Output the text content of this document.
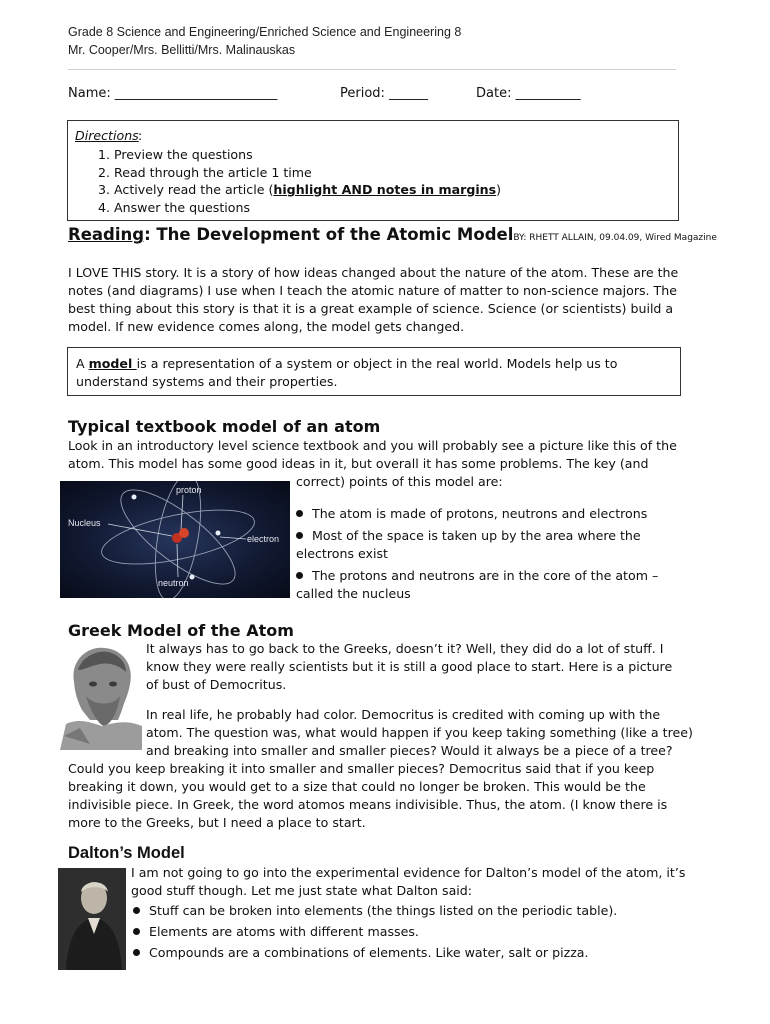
Grade 8 Science and Engineering/Enriched Science and Engineering 8
Mr. Cooper/Mrs. Bellitti/Mrs. Malinauskas
Name: _________________________	Period: ______	Date: __________
Directions :
1. Preview the questions
2. Read through the article 1 time
3. Actively read the article (highlight AND notes in margins)
4. Answer the questions
Reading: The Development of the Atomic ModelBY: RHETT ALLAIN, 09.04.09, Wired Magazine
I LOVE THIS story. It is a story of how ideas changed about the nature of the atom. These are the
notes (and diagrams) I use when I teach the atomic nature of matter to non-science majors. The
best thing about this story is that it is a great example of science. Science (or scientists) build a
model. If new evidence comes along, the model gets changed.
A model is a representation of a system or object in the real world. Models help us to
understand systems and their properties.
Typical textbook model of an atom
Look in an introductory level science textbook and you will probably see a picture like this of the
atom. This model has some good ideas in it, but overall it has some problems. The key (and
correct) points of this model are:
proton
Nucleus
electron
neutron
The atom is made of protons, neutrons and electrons
Most of the space is taken up by the area where the
electrons exist
The protons and neutrons are in the core of the atom –
called the nucleus
Greek Model of the Atom
It always has to go back to the Greeks, doesn’t it? Well, they did do a lot of stuff. I
know they were really scientists but it is still a good place to start. Here is a picture
of bust of Democritus.
In real life, he probably had color. Democritus is credited with coming up with the
atom. The question was, what would happen if you keep taking something (like a tree)
and breaking into smaller and smaller pieces? Would it always be a piece of a tree?
Could you keep breaking it into smaller and smaller pieces? Democritus said that if you keep
breaking it down, you would get to a size that could no longer be broken. This would be the
indivisible piece. In Greek, the word atomos means indivisible. Thus, the atom. (I know there is
more to the Greeks, but I need a place to start.
Dalton’s Model
I am not going to go into the experimental evidence for Dalton’s model of the atom, it’s
good stuff though. Let me just state what Dalton said:
Stuff can be broken into elements (the things listed on the periodic table).
Elements are atoms with different masses.
Compounds are a combinations of elements. Like water, salt or pizza.
